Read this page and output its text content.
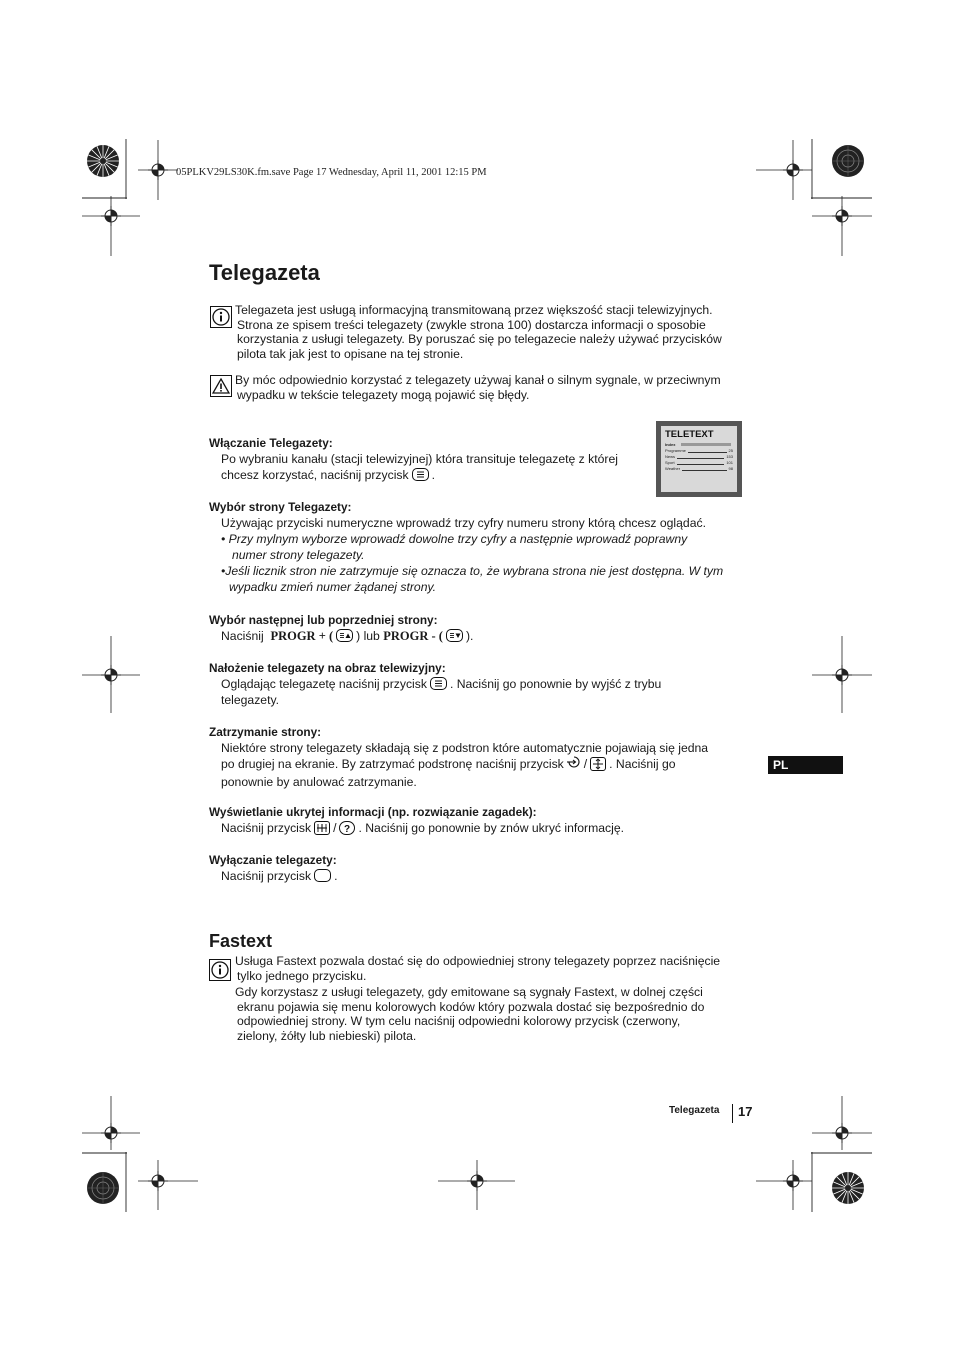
05PLKV29LS30K.fm.save Page 17 Wednesday, April 11, 2001 12:15 PM
Telegazeta

Telegazeta jest usługą informacyjną transmitowaną przez większość stacji telewizyjnych.

Strona ze spisem treści telegazety (zwykle strona 100) dostarcza informacji o sposobie

korzystania z usługi telegazety. By poruszać się po telegazecie należy używać przycisków

pilota tak jak jest to opisane na tej stronie.

By móc odpowiednio korzystać z telegazety używaj kanał o silnym sygnale, w przeciwnym

wypadku w tekście telegazety mogą pojawić się błędy.

TELETEXT
Index
Programme	25
News	153
Sport	101
Weather	98
Włączanie Telegazety:

Po wybraniu kanału (stacji telewizyjnej) która transituje telegazetę z której

chcesz korzystać, naciśnij przycisk .

Wybór strony Telegazety:

Używając przyciski numeryczne wprowadź trzy cyfry numeru strony którą chcesz oglądać.

• Przy mylnym wyborze wprowadź dowolne trzy cyfry a następnie wprowadź poprawny

numer strony telegazety.

•Jeśli licznik stron nie zatrzymuje się oznacza to, że wybrana strona nie jest dostępna. W tym

wypadku zmień numer żądanej strony.

Wybór następnej lub poprzedniej strony:

Naciśnij PROGR + ( ) lub PROGR - ( ).

Nałożenie telegazety na obraz telewizyjny:

Oglądając telegazetę naciśnij przycisk . Naciśnij go ponownie by wyjść z trybu

telegazety.

Zatrzymanie strony:

Niektóre strony telegazety składają się z podstron które automatycznie pojawiają się jedna

po drugiej na ekranie. By zatrzymać podstronę naciśnij przycisk / . Naciśnij go

ponownie by anulować zatrzymanie.

Wyświetlanie ukrytej informacji (np. rozwiązanie zagadek):

Naciśnij przycisk / ? . Naciśnij go ponownie by znów ukryć informację.

Wyłączanie telegazety:

Naciśnij przycisk .

Fastext

Usługa Fastext pozwala dostać się do odpowiedniej strony telegazety poprzez naciśnięcie

tylko jednego przycisku.

Gdy korzystasz z usługi telegazety, gdy emitowane są sygnały Fastext, w dolnej części

ekranu pojawia się menu kolorowych kodów który pozwala dostać się bezpośrednio do

odpowiedniej strony. W tym celu naciśnij odpowiedni kolorowy przycisk (czerwony,

zielony, żółty lub niebieski) pilota.

PL
Telegazeta 17
